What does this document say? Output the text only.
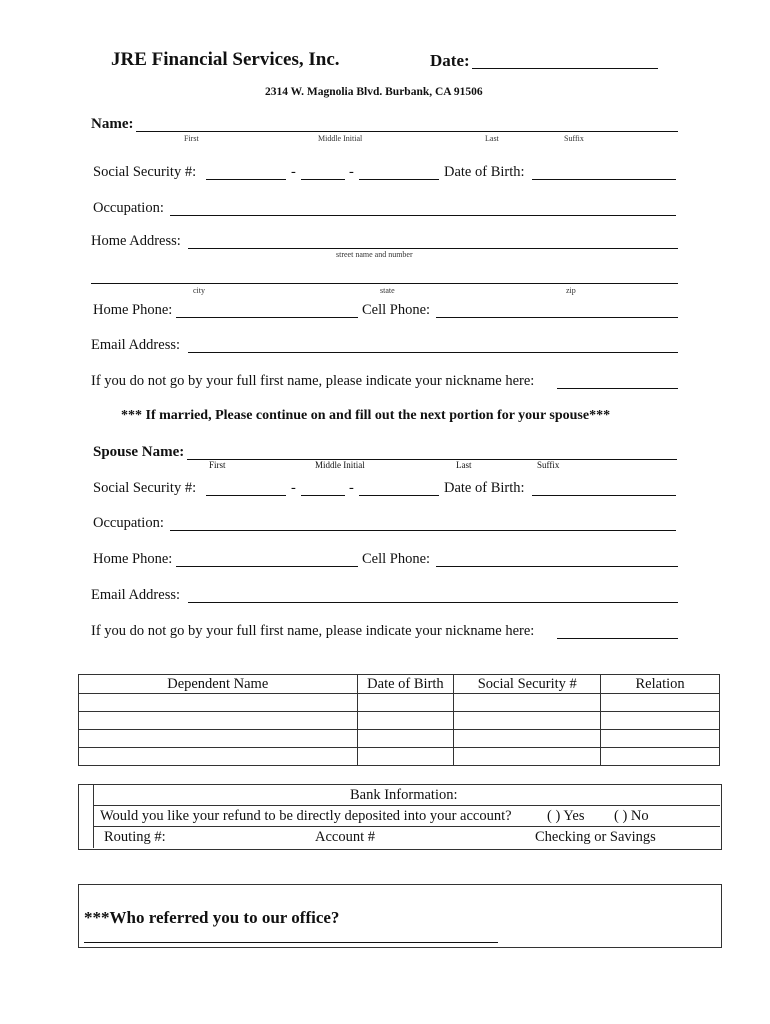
JRE Financial Services, Inc.	Date:
2314 W. Magnolia Blvd. Burbank, CA 91506
Name:
First	Middle Initial	Last	Suffix
Social Security #:	-	-	Date of Birth:
Occupation:
Home Address:
street name and number
city	state	zip
Home Phone:	Cell Phone:
Email Address:
If you do not go by your full first name, please indicate your nickname here:
*** If married, Please continue on and fill out the next portion for your spouse***
Spouse Name:
First	Middle Initial	Last	Suffix
Social Security #:	-	-	Date of Birth:
Occupation:
Home Phone:	Cell Phone:
Email Address:
If you do not go by your full first name, please indicate your nickname here:
Dependent Name	Date of Birth	Social Security #	Relation

Bank Information:
Would you like your refund to be directly deposited into your account? ( ) Yes ( ) No
Routing #:	Account #	Checking or Savings
***Who referred you to our office?
